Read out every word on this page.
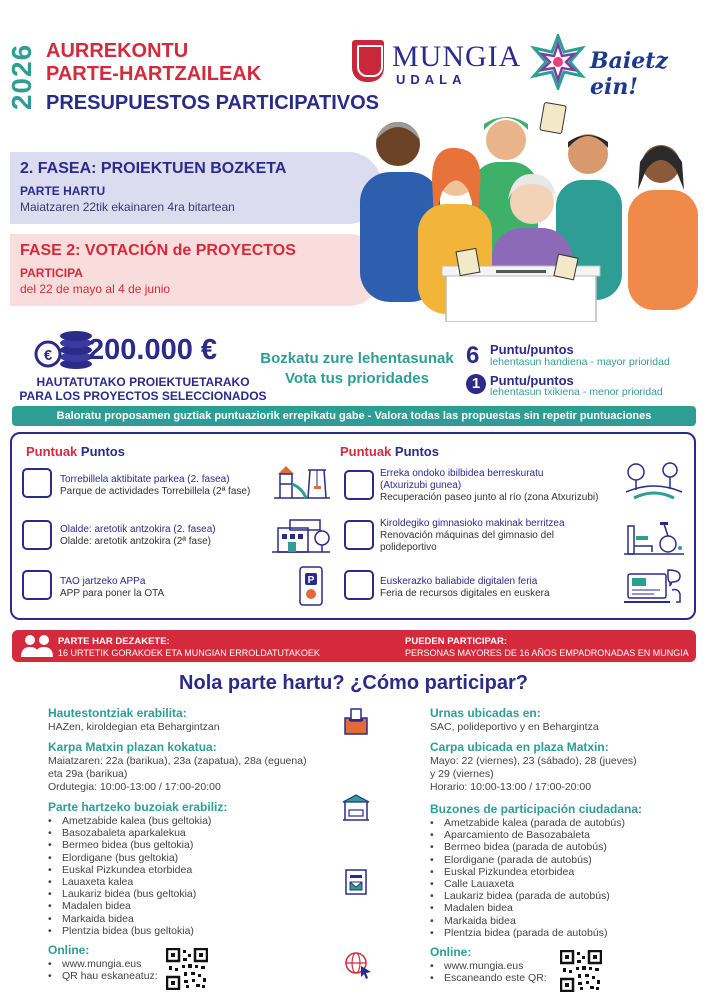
2026 AURREKONTU
PARTE-HARTZAILEAK
PRESUPUESTOS PARTICIPATIVOS
MUNGIA
UDALA
Baietz ein!
2. FASEA: PROIEKTUEN BOZKETA
PARTE HARTU
Maiatzaren 22tik ekainaren 4ra bitartean
FASE 2: VOTACIÓN de PROYECTOS
PARTICIPA
del 22 de mayo al 4 de junio
€ 200.000 €
HAUTATUTAKO PROIEKTUETARAKO
PARA LOS PROYECTOS SELECCIONADOS
Bozkatu zure lehentasunak
Vota tus prioridades
6 Puntu/puntos
lehentasun handiena - mayor prioridad
1 Puntu/puntos
lehentasun txikiena - menor prioridad
Baloratu proposamen guztiak puntuaziorik errepikatu gabe - Valora todas las propuestas sin repetir puntuaciones
Puntuak Puntos	Puntuak Puntos
Torrebillela aktibitate parkea (2. fasea)
Parque de actividades Torrebillela (2ª fase)
Olalde: aretotik antzokira (2. fasea)
Olalde: aretotik antzokira (2ª fase)
TAO jartzeko APPa
APP para poner la OTA
P
Erreka ondoko ibilbidea berreskuratu
(Atxurizubi gunea)
Recuperación paseo junto al río (zona Atxurizubi)
Kiroldegiko gimnasioko makinak berritzea
Renovación máquinas del gimnasio del
polideportivo
Euskerazko baliabide digitalen feria
Feria de recursos digitales en euskera
PARTE HAR DEZAKETE:
16 URTETIK GORAKOEK ETA MUNGIAN ERROLDATUTAKOEK
PUEDEN PARTICIPAR:
PERSONAS MAYORES DE 16 AÑOS EMPADRONADAS EN MUNGIA
Nola parte hartu? ¿Cómo participar?
Hautestontziak erabilita:
HAZen, kiroldegian eta Behargintzan
Karpa Matxin plazan kokatua:
Maiatzaren: 22a (barikua), 23a (zapatua), 28a (eguena)
eta 29a (barikua)
Ordutegia: 10:00-13:00 / 17:00-20:00
Parte hartzeko buzoiak erabiliz:
• Ametzabide kalea (bus geltokia)
• Basozabaleta aparkalekua
• Bermeo bidea (bus geltokia)
• Elordigane (bus geltokia)
• Euskal Pizkundea etorbidea
• Lauaxeta kalea
• Laukariz bidea (bus geltokia)
• Madalen bidea
• Markaida bidea
• Plentzia bidea (bus geltokia)
Online:
• www.mungia.eus
• QR hau eskaneatuz:
Urnas ubicadas en:
SAC, polideportivo y en Behargintza
Carpa ubicada en plaza Matxin:
Mayo: 22 (viernes), 23 (sábado), 28 (jueves)
y 29 (viernes)
Horario: 10:00-13:00 / 17:00-20:00
Buzones de participación ciudadana:
• Ametzabide kalea (parada de autobús)
• Aparcamiento de Basozabaleta
• Bermeo bidea (parada de autobús)
• Elordigane (parada de autobús)
• Euskal Pizkundea etorbidea
• Calle Lauaxeta
• Laukariz bidea (parada de autobús)
• Madalen bidea
• Markaida bidea
• Plentzia bidea (parada de autobús)
Online:
• www.mungia.eus
• Escaneando este QR:
